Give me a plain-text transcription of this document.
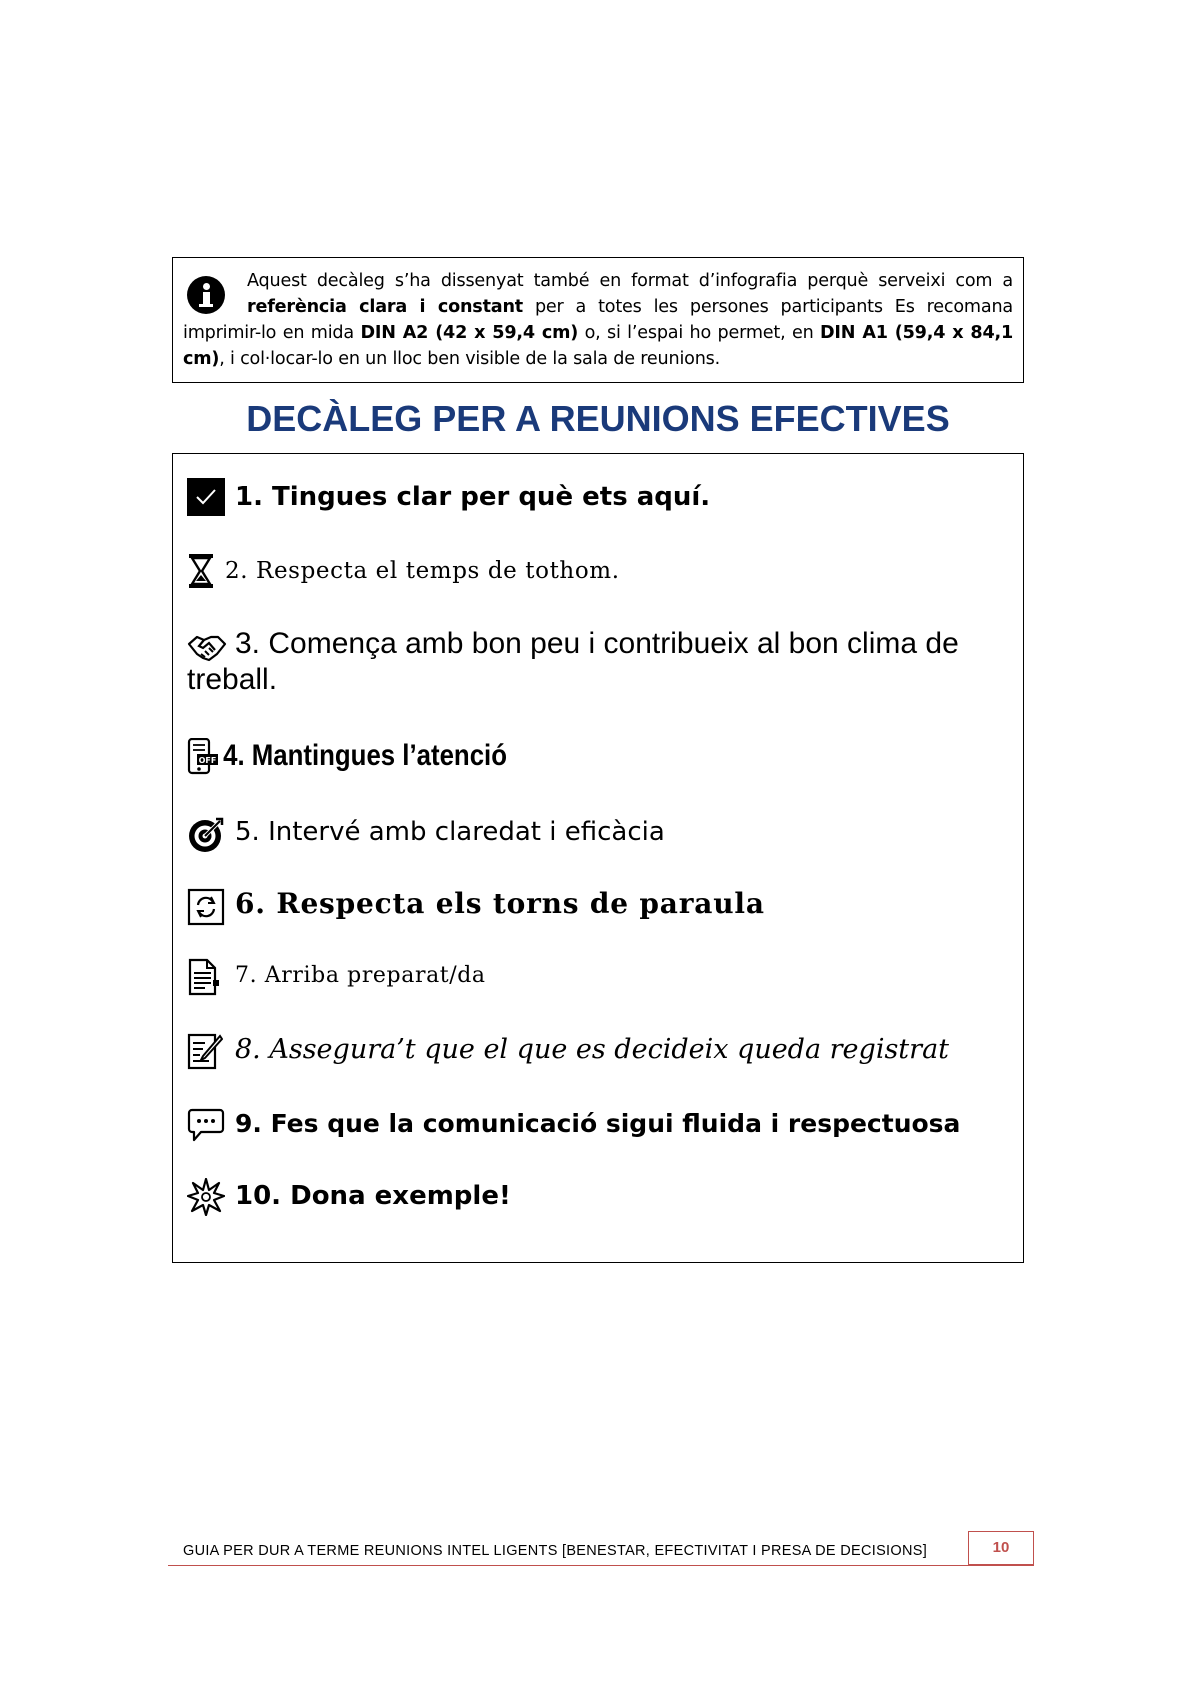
Aquest decàleg s’ha dissenyat també en format d’infografia perquè serveixi com a referència clara i constant per a totes les persones participants Es recomana imprimir-lo en mida DIN A2 (42 x 59,4 cm) o, si l’espai ho permet, en DIN A1 (59,4 x 84,1 cm), i col·locar-lo en un lloc ben visible de la sala de reunions.

DECÀLEG PER A REUNIONS EFECTIVES
1. Tingues clar per què ets aquí.
2. Respecta el temps de tothom.
3. Comença amb bon peu i contribueix al bon clima de treball.
OFF 4. Mantingues l’atenció
5. Intervé amb claredat i eficàcia
6. Respecta els torns de paraula
7. Arriba preparat/da
8. Assegura’t que el que es decideix queda registrat
9. Fes que la comunicació sigui fluida i respectuosa
10. Dona exemple!
GUIA PER DUR A TERME REUNIONS INTEL LIGENTS [BENESTAR, EFECTIVITAT I PRESA DE DECISIONS]	10
